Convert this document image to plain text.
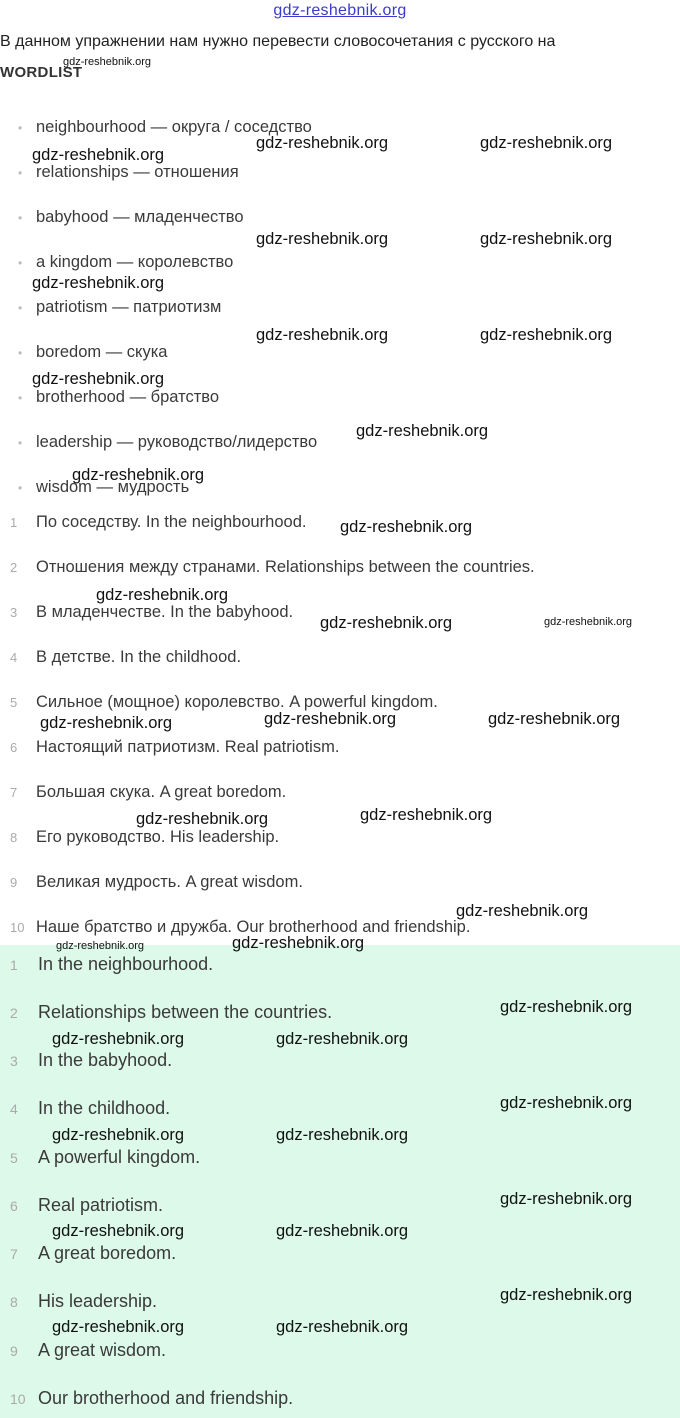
gdz-reshebnik.org
В данном упражнении нам нужно перевести словосочетания с русского на
WORDLIST
• neighbourhood — округа / соседство
• relationships — отношения
• babyhood — младенчество
• a kingdom — королевство
• patriotism — патриотизм
• boredom — скука
• brotherhood — братство
• leadership — руководство/лидерство
• wisdom — мудрость
1 По соседству. In the neighbourhood.
2 Отношения между странами. Relationships between the countries.
3 В младенчестве. In the babyhood.
4 В детстве. In the childhood.
5 Сильное (мощное) королевство. A powerful kingdom.
6 Настоящий патриотизм. Real patriotism.
7 Большая скука. A great boredom.
8 Его руководство. His leadership.
9 Великая мудрость. A great wisdom.
10 Наше братство и дружба. Our brotherhood and friendship.
1 In the neighbourhood.
2 Relationships between the countries.
3 In the babyhood.
4 In the childhood.
5 A powerful kingdom.
6 Real patriotism.
7 A great boredom.
8 His leadership.
9 A great wisdom.
10 Our brotherhood and friendship.
gdz-reshebnik.org
gdz-reshebnik.org	gdz-reshebnik.org
gdz-reshebnik.org
gdz-reshebnik.org	gdz-reshebnik.org
gdz-reshebnik.org
gdz-reshebnik.org	gdz-reshebnik.org
gdz-reshebnik.org
gdz-reshebnik.org
gdz-reshebnik.org
gdz-reshebnik.org
gdz-reshebnik.org
gdz-reshebnik.org	gdz-reshebnik.org
gdz-reshebnik.org	gdz-reshebnik.org
gdz-reshebnik.org
gdz-reshebnik.org
gdz-reshebnik.org
gdz-reshebnik.org
gdz-reshebnik.org
gdz-reshebnik.org
gdz-reshebnik.org
gdz-reshebnik.org	gdz-reshebnik.org
gdz-reshebnik.org
gdz-reshebnik.org	gdz-reshebnik.org
gdz-reshebnik.org
gdz-reshebnik.org	gdz-reshebnik.org
gdz-reshebnik.org
gdz-reshebnik.org	gdz-reshebnik.org
